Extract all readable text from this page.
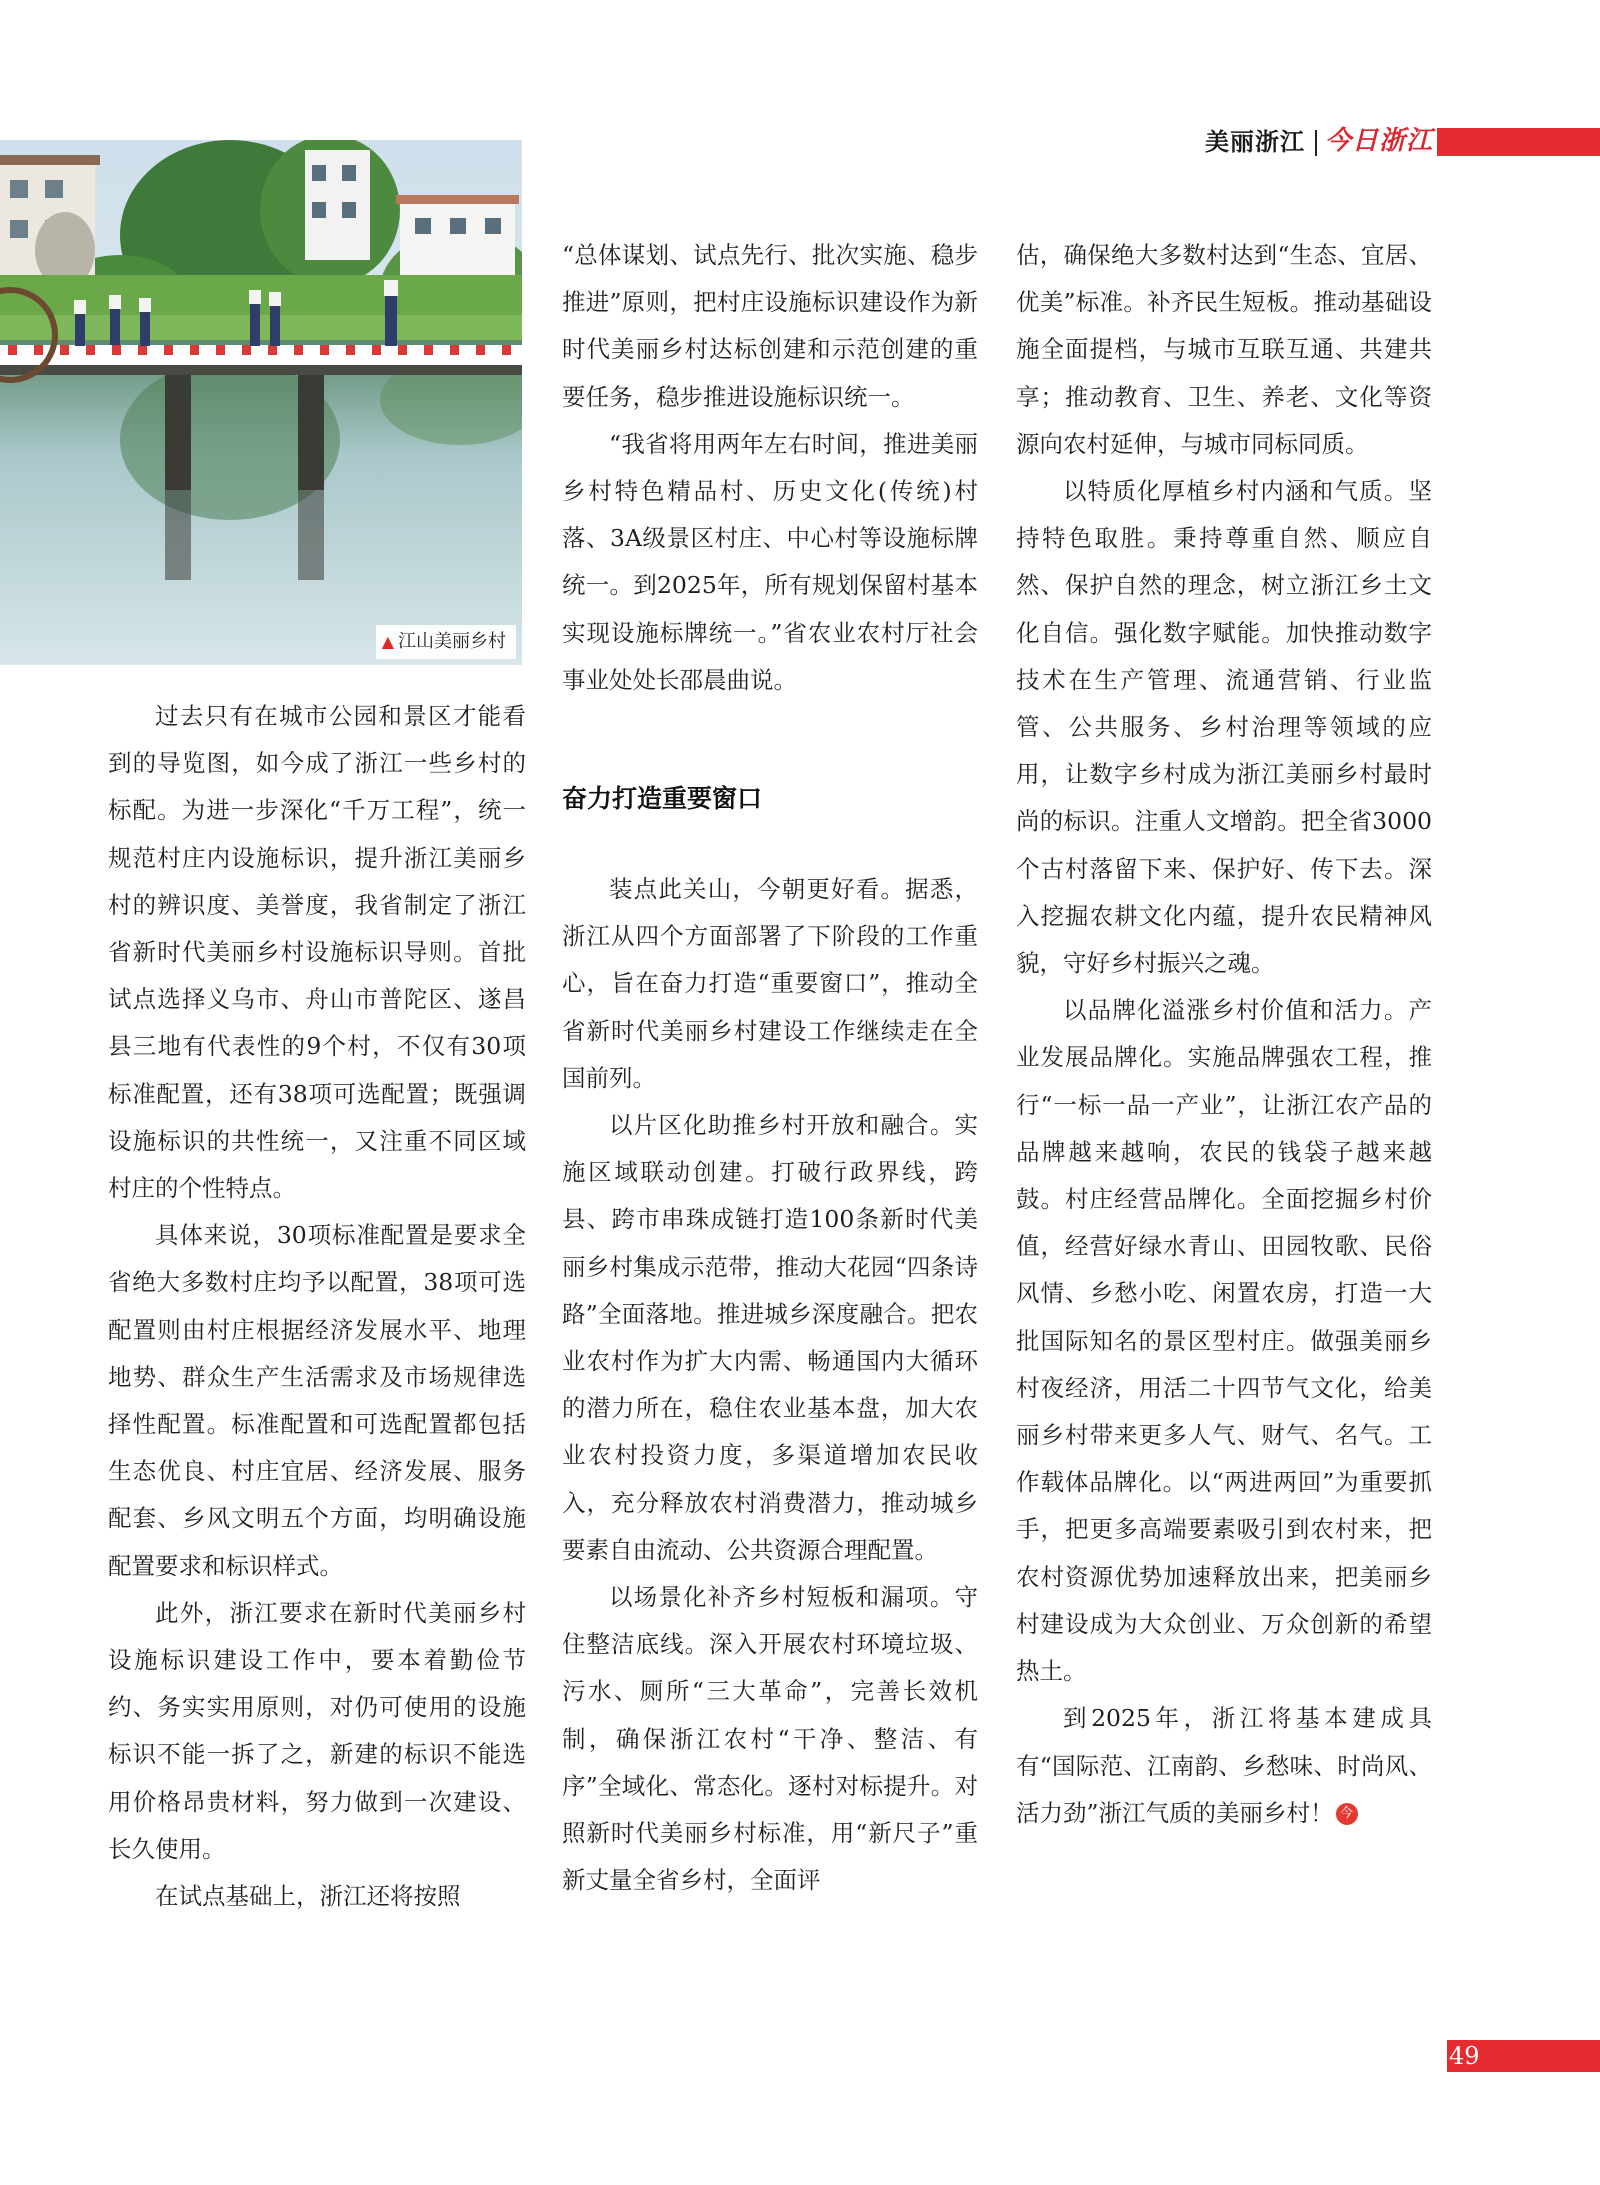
美丽浙江 今日浙江
▲ 江山美丽乡村

过去只有在城市公园和景区才能看到的导览图，如今成了浙江一些乡村的标配。为进一步深化“千万工程”，统一规范村庄内设施标识，提升浙江美丽乡村的辨识度、美誉度，我省制定了浙江省新时代美丽乡村设施标识导则。首批试点选择义乌市、舟山市普陀区、遂昌县三地有代表性的9个村，不仅有30项标准配置，还有38项可选配置；既强调设施标识的共性统一，又注重不同区域村庄的个性特点。

具体来说，30项标准配置是要求全省绝大多数村庄均予以配置，38项可选配置则由村庄根据经济发展水平、地理地势、群众生产生活需求及市场规律选择性配置。标准配置和可选配置都包括生态优良、村庄宜居、经济发展、服务配套、乡风文明五个方面，均明确设施配置要求和标识样式。

此外，浙江要求在新时代美丽乡村设施标识建设工作中，要本着勤俭节约、务实实用原则，对仍可使用的设施标识不能一拆了之，新建的标识不能选用价格昂贵材料，努力做到一次建设、长久使用。

在试点基础上，浙江还将按照

“总体谋划、试点先行、批次实施、稳步推进”原则，把村庄设施标识建设作为新时代美丽乡村达标创建和示范创建的重要任务，稳步推进设施标识统一。

“我省将用两年左右时间，推进美丽乡村特色精品村、历史文化(传统)村落、3A级景区村庄、中心村等设施标牌统一。到2025年，所有规划保留村基本实现设施标牌统一。”省农业农村厅社会事业处处长邵晨曲说。

奋力打造重要窗口

装点此关山，今朝更好看。据悉，浙江从四个方面部署了下阶段的工作重心，旨在奋力打造“重要窗口”，推动全省新时代美丽乡村建设工作继续走在全国前列。

以片区化助推乡村开放和融合。实施区域联动创建。打破行政界线，跨县、跨市串珠成链打造100条新时代美丽乡村集成示范带，推动大花园“四条诗路”全面落地。推进城乡深度融合。把农业农村作为扩大内需、畅通国内大循环的潜力所在，稳住农业基本盘，加大农业农村投资力度，多渠道增加农民收入，充分释放农村消费潜力，推动城乡要素自由流动、公共资源合理配置。

以场景化补齐乡村短板和漏项。守住整洁底线。深入开展农村环境垃圾、污水、厕所“三大革命”，完善长效机制，确保浙江农村“干净、整洁、有序”全域化、常态化。逐村对标提升。对照新时代美丽乡村标准，用“新尺子”重新丈量全省乡村，全面评

估，确保绝大多数村达到“生态、宜居、优美”标准。补齐民生短板。推动基础设施全面提档，与城市互联互通、共建共享；推动教育、卫生、养老、文化等资源向农村延伸，与城市同标同质。

以特质化厚植乡村内涵和气质。坚持特色取胜。秉持尊重自然、顺应自然、保护自然的理念，树立浙江乡土文化自信。强化数字赋能。加快推动数字技术在生产管理、流通营销、行业监管、公共服务、乡村治理等领域的应用，让数字乡村成为浙江美丽乡村最时尚的标识。注重人文增韵。把全省3000个古村落留下来、保护好、传下去。深入挖掘农耕文化内蕴，提升农民精神风貌，守好乡村振兴之魂。

以品牌化溢涨乡村价值和活力。产业发展品牌化。实施品牌强农工程，推行“一标一品一产业”，让浙江农产品的品牌越来越响，农民的钱袋子越来越鼓。村庄经营品牌化。全面挖掘乡村价值，经营好绿水青山、田园牧歌、民俗风情、乡愁小吃、闲置农房，打造一大批国际知名的景区型村庄。做强美丽乡村夜经济，用活二十四节气文化，给美丽乡村带来更多人气、财气、名气。工作载体品牌化。以“两进两回”为重要抓手，把更多高端要素吸引到农村来，把农村资源优势加速释放出来，把美丽乡村建设成为大众创业、万众创新的希望热土。

到2025年，浙江将基本建成具有“国际范、江南韵、乡愁味、时尚风、活力劲”浙江气质的美丽乡村！ 今

49
